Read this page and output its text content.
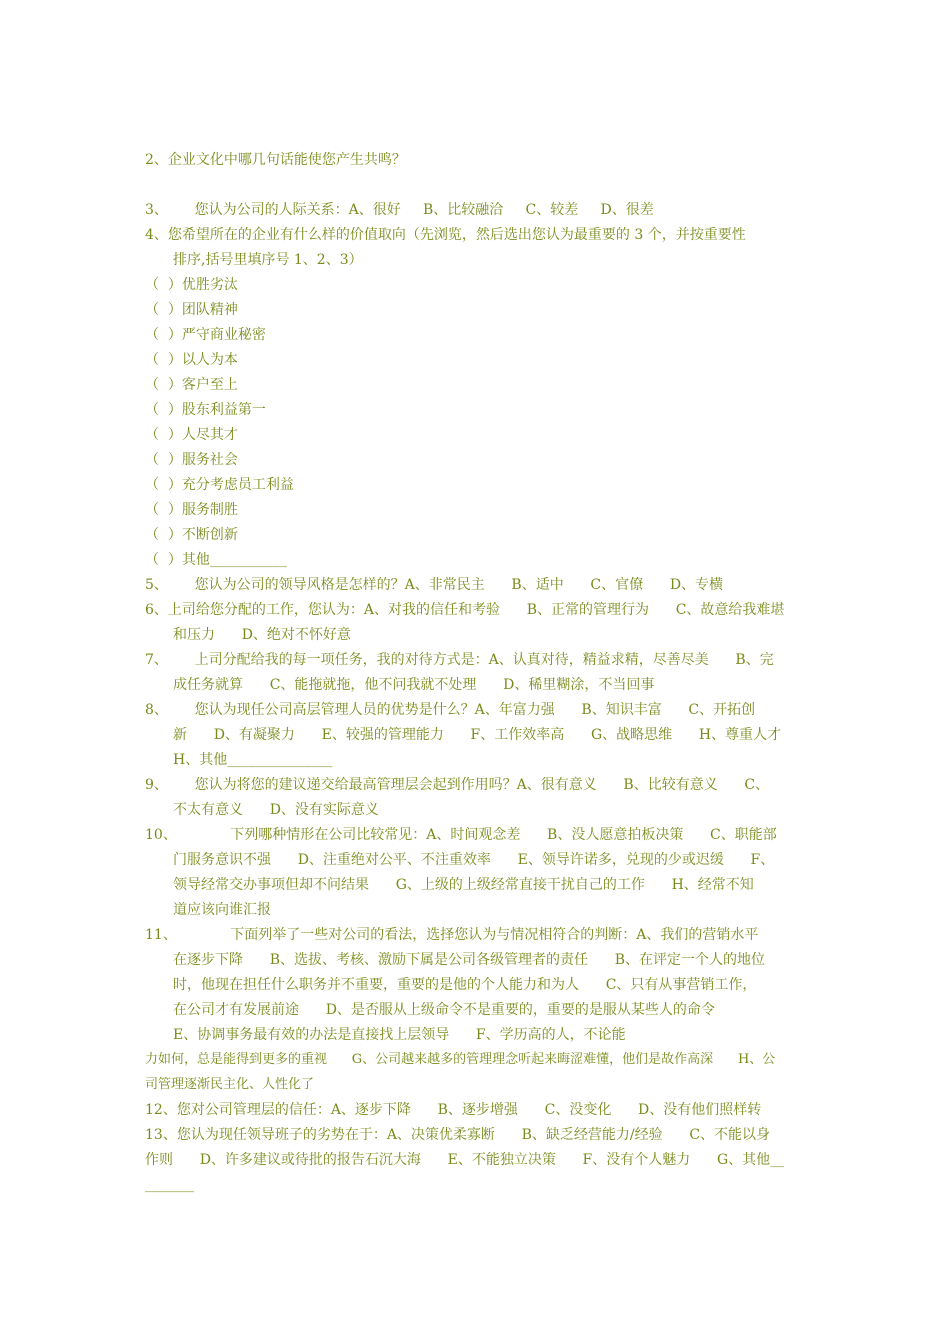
2、企业文化中哪几句话能使您产生共鸣？
3、      您认为公司的人际关系：A、很好     B、比较融洽     C、较差     D、很差
4、您希望所在的企业有什么样的价值取向（先浏览，然后选出您认为最重要的 3 个，并按重要性
排序,括号里填序号 1、2、3）
（  ）优胜劣汰
（  ）团队精神
（  ）严守商业秘密
（  ）以人为本
（  ）客户至上
（  ）股东利益第一
（  ）人尽其才
（  ）服务社会
（  ）充分考虑员工利益
（  ）服务制胜
（  ）不断创新
（  ）其他___________
5、      您认为公司的领导风格是怎样的？A、非常民主      B、适中      C、官僚      D、专横
6、上司给您分配的工作，您认为：A、对我的信任和考验      B、正常的管理行为      C、故意给我难堪
和压力      D、绝对不怀好意
7、      上司分配给我的每一项任务，我的对待方式是：A、认真对待，精益求精，尽善尽美      B、完
成任务就算      C、能拖就拖，他不问我就不处理      D、稀里糊涂，不当回事
8、      您认为现任公司高层管理人员的优势是什么？A、年富力强      B、知识丰富      C、开拓创
新      D、有凝聚力      E、较强的管理能力      F、工作效率高      G、战略思维      H、尊重人才
H、其他_______________
9、      您认为将您的建议递交给最高管理层会起到作用吗？A、很有意义      B、比较有意义      C、
不太有意义      D、没有实际意义
10、            下列哪种情形在公司比较常见：A、时间观念差      B、没人愿意拍板决策      C、职能部
门服务意识不强      D、注重绝对公平、不注重效率      E、领导许诺多，兑现的少或迟缓      F、
领导经常交办事项但却不问结果      G、上级的上级经常直接干扰自己的工作      H、经常不知
道应该向谁汇报
11、            下面列举了一些对公司的看法，选择您认为与情况相符合的判断：A、我们的营销水平
在逐步下降      B、选拔、考核、激励下属是公司各级管理者的责任      B、在评定一个人的地位
时，他现在担任什么职务并不重要，重要的是他的个人能力和为人      C、只有从事营销工作，
在公司才有发展前途      D、是否服从上级命令不是重要的，重要的是服从某些人的命令
E、协调事务最有效的办法是直接找上层领导      F、学历高的人，不论能
力如何，总是能得到更多的重视      G、公司越来越多的管理理念听起来晦涩难懂，他们是故作高深      H、公
司管理逐渐民主化、人性化了
12、您对公司管理层的信任：A、逐步下降      B、逐步增强      C、没变化      D、没有他们照样转
13、您认为现任领导班子的劣势在于：A、决策优柔寡断      B、缺乏经营能力/经验      C、不能以身
作则      D、许多建议或待批的报告石沉大海      E、不能独立决策      F、没有个人魅力      G、其他__
_______
